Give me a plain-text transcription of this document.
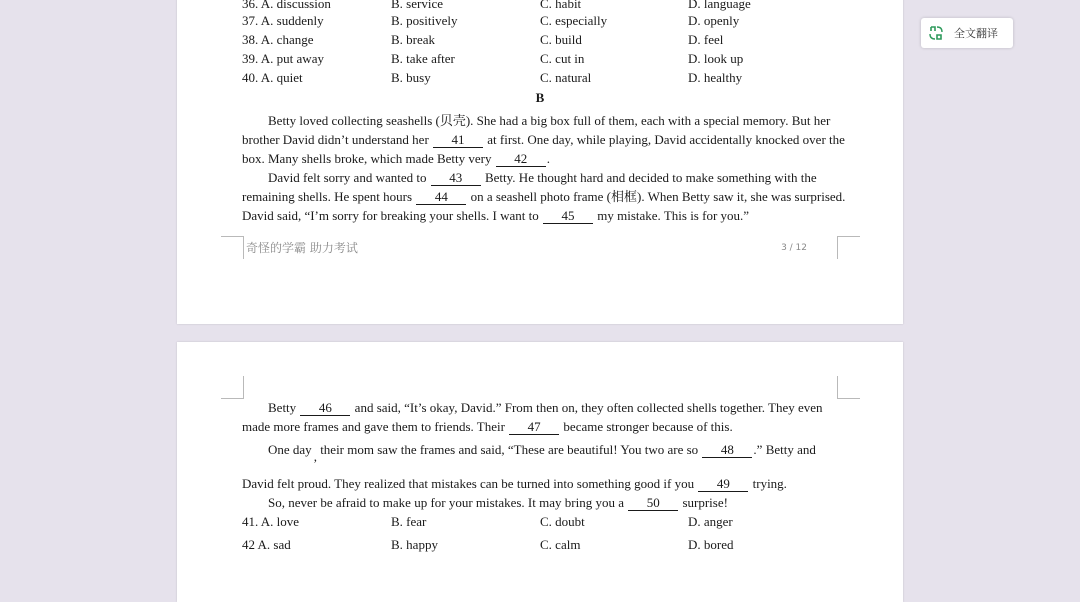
36. A. discussion	B. service	C. habit	D. language
37. A. suddenly	B. positively	C. especially	D. openly
38. A. change	B. break	C. build	D. feel
39. A. put away	B. take after	C. cut in	D. look up
40. A. quiet	B. busy	C. natural	D. healthy
B
Betty loved collecting seashells (贝壳). She had a big box full of them, each with a special memory. But her
brother David didn’t understand her 41 at first. One day, while playing, David accidentally knocked over the
box. Many shells broke, which made Betty very 42 .
David felt sorry and wanted to 43 Betty. He thought hard and decided to make something with the
remaining shells. He spent hours 44 on a seashell photo frame (相框). When Betty saw it, she was surprised.
David said, “I’m sorry for breaking your shells. I want to 45 my mistake. This is for you.”
奇怪的学霸 助力考试	3 / 12
Betty 46 and said, “It’s okay, David.” From then on, they often collected shells together. They even
made more frames and gave them to friends. Their 47 became stronger because of this.
One day , their mom saw the frames and said, “These are beautiful! You two are so 48 .” Betty and
David felt proud. They realized that mistakes can be turned into something good if you 49 trying.
So, never be afraid to make up for your mistakes. It may bring you a 50 surprise!
41. A. love	B. fear	C. doubt	D. anger
42 A. sad	B. happy	C. calm	D. bored
全文翻译
